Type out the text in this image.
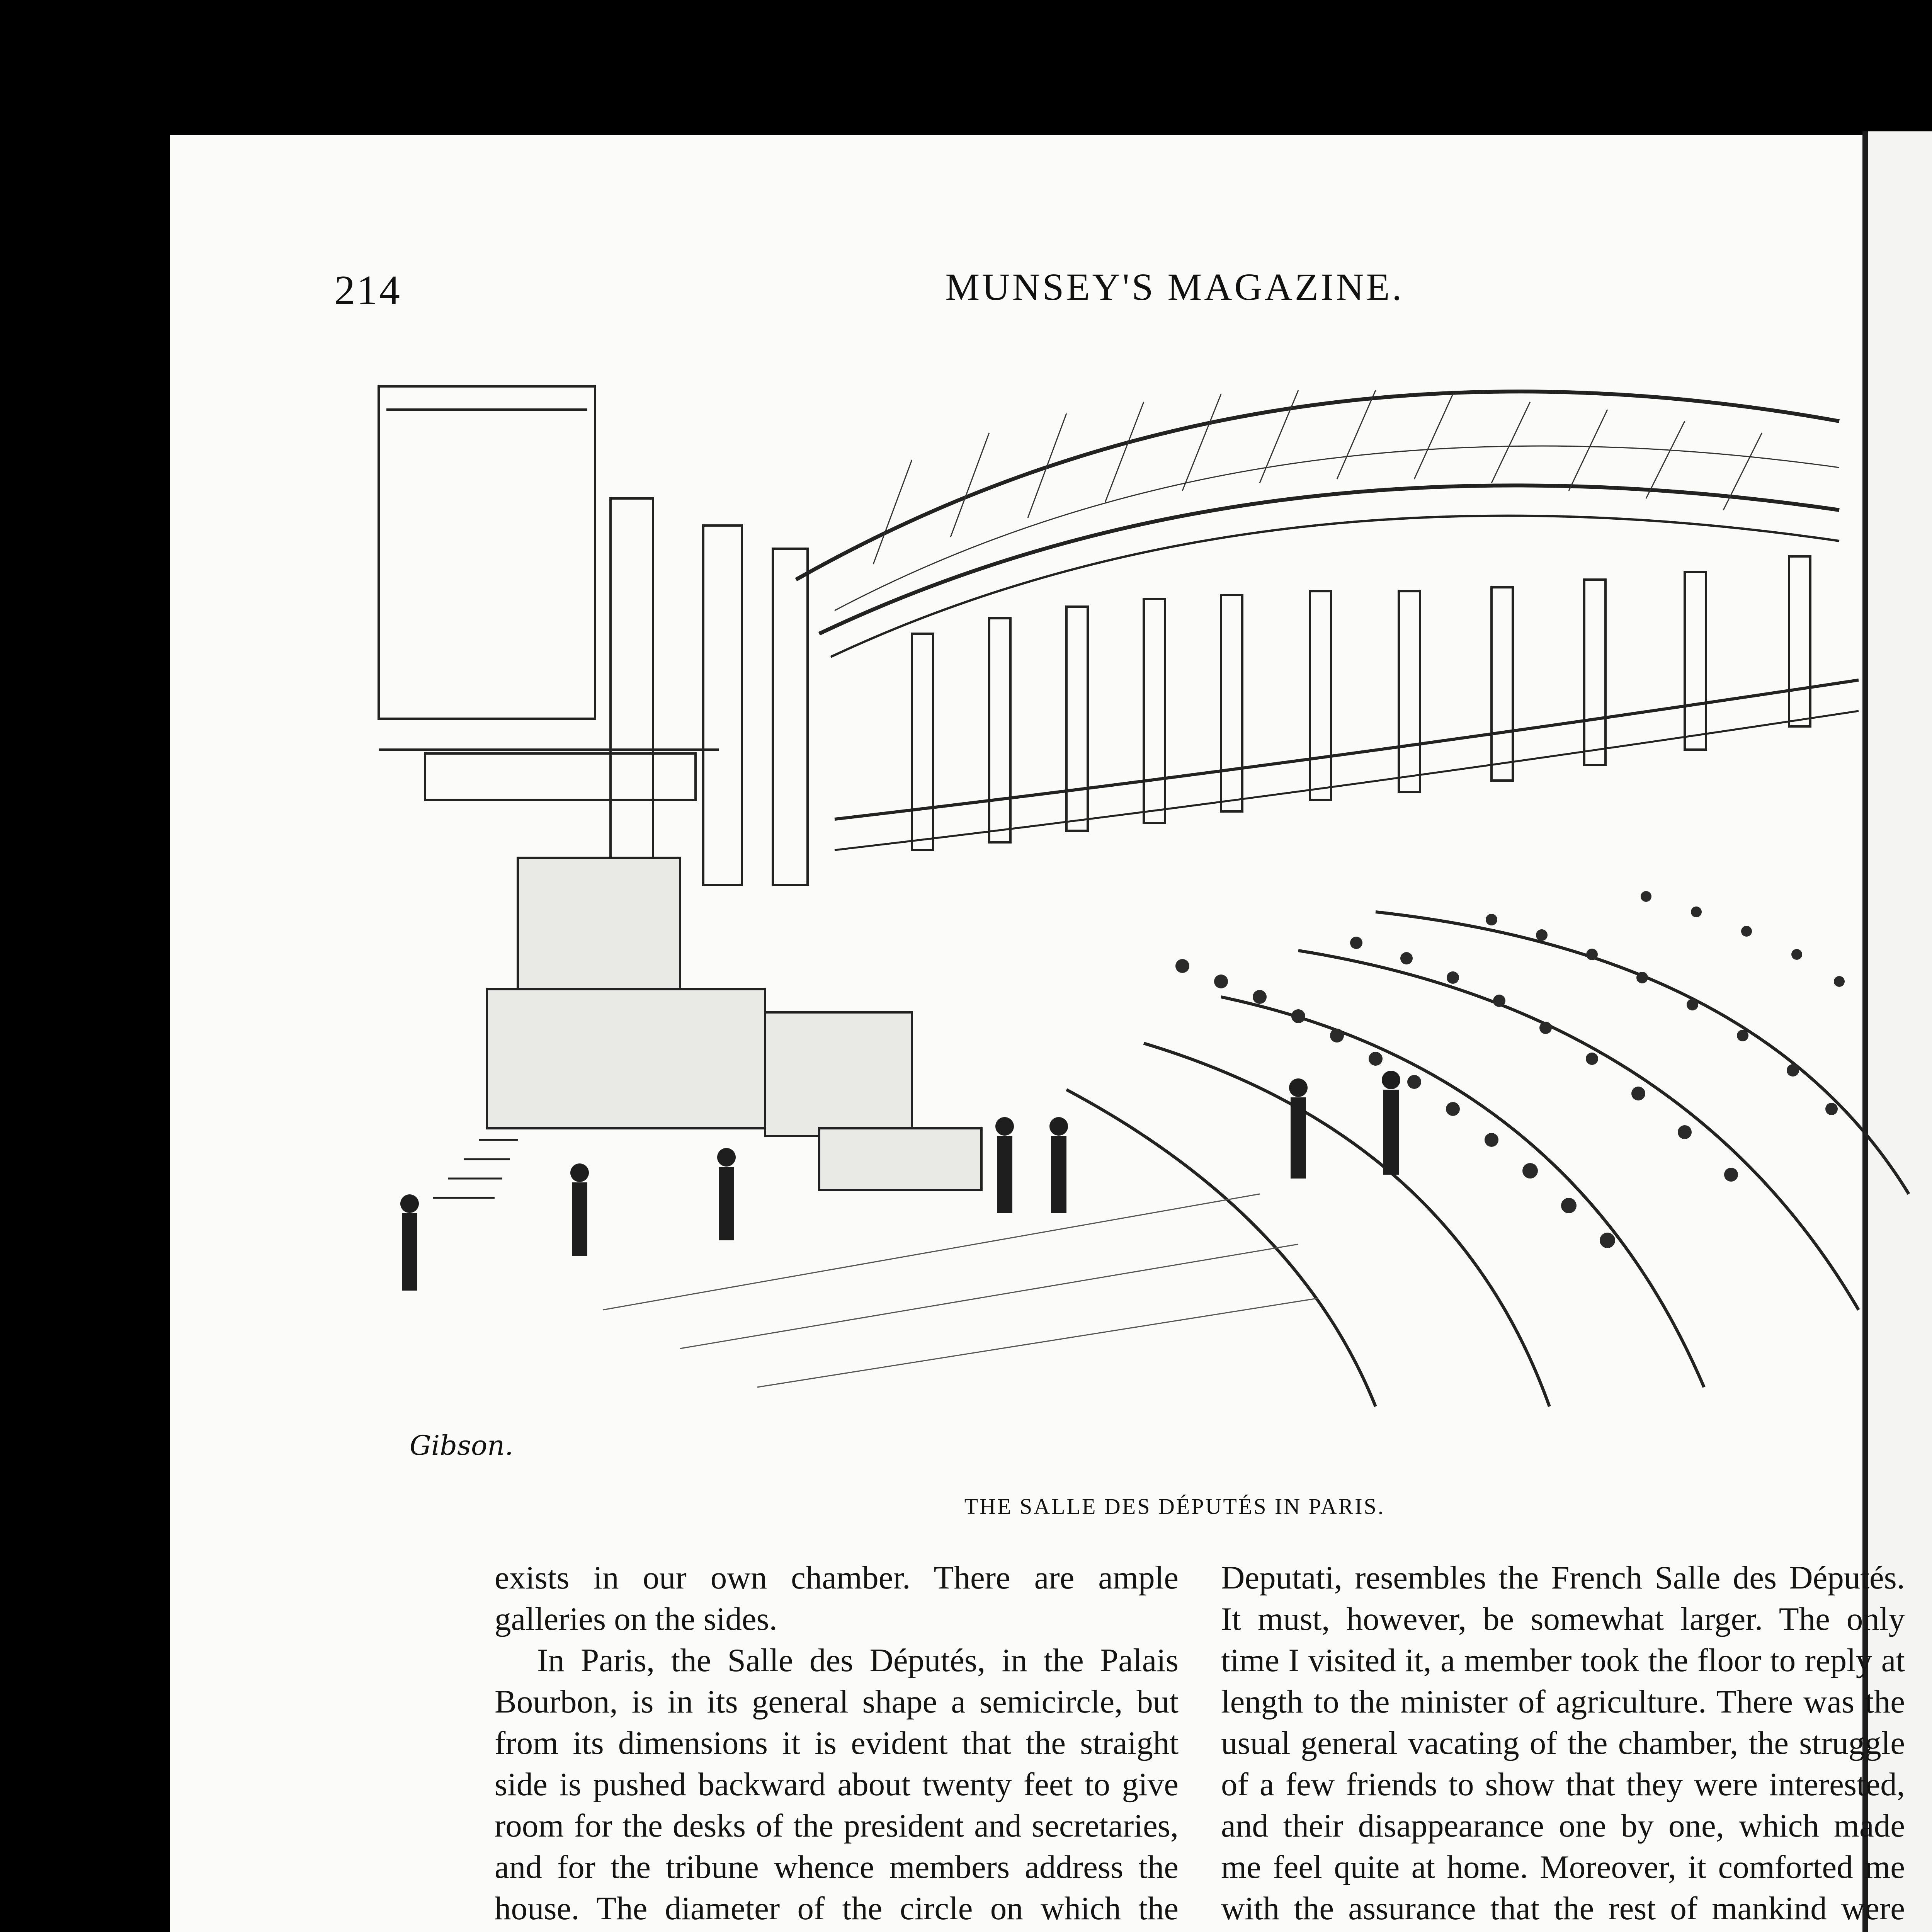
214	MUNSEY'S MAGAZINE.
Gibson.
THE SALLE DES DÉPUTÉS IN PARIS.

exists in our own chamber. There are ample galleries on the sides.

In Paris, the Salle des Députés, in the Palais Bourbon, is in its general shape a semicircle, but from its dimensions it is evident that the straight side is pushed backward about twenty feet to give room for the desks of the president and secretaries, and for the tribune whence members address the house. The diameter of the circle on which the

Deputati, resembles the French Salle des Députés. It must, however, be somewhat larger. The only time I visited it, a member took the floor to reply at length to the minister of agriculture. There was the usual general vacating of the chamber, the struggle of a few friends to show that they were interested, and their disappearance one by one, which made me feel quite at home. Moreover, it comforted me with the assurance that the rest of mankind were
